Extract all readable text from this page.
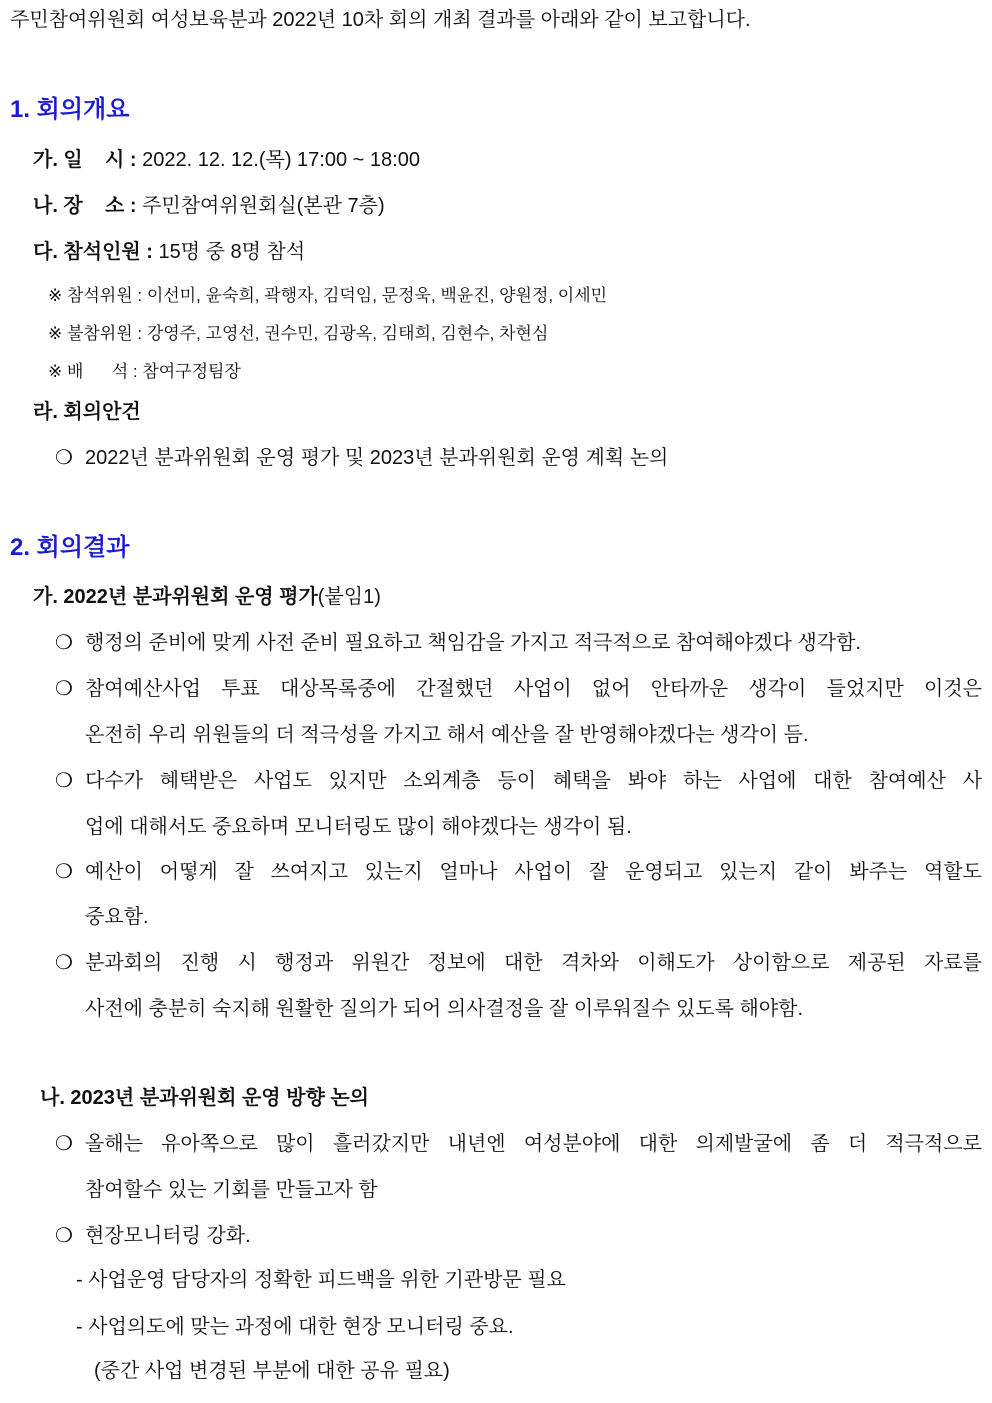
주민참여위원회 여성보육분과 2022년 10차 회의 개최 결과를 아래와 같이 보고합니다.
1. 회의개요
가. 일    시 : 2022. 12. 12.(목) 17:00 ~ 18:00
나. 장    소 : 주민참여위원회실(본관 7층)
다. 참석인원 : 15명 중 8명 참석
※ 참석위원 : 이선미, 윤숙희, 곽행자, 김덕임, 문정욱, 백윤진, 양원정, 이세민
※ 불참위원 : 강영주, 고영선, 권수민, 김광옥, 김태희, 김현수, 차현심
※ 배      석 : 참여구정팀장
라. 회의안건
❍ 2022년 분과위원회 운영 평가 및 2023년 분과위원회 운영 계획 논의
2. 회의결과
가. 2022년 분과위원회 운영 평가(붙임1)
❍ 행정의 준비에 맞게 사전 준비 필요하고 책임감을 가지고 적극적으로 참여해야겠다 생각함.
❍ 참여예산사업 투표 대상목록중에 간절했던 사업이 없어 안타까운 생각이 들었지만 이것은
온전히 우리 위원들의 더 적극성을 가지고 해서 예산을 잘 반영해야겠다는 생각이 듬.
❍ 다수가 혜택받은 사업도 있지만 소외계층 등이 혜택을 봐야 하는 사업에 대한 참여예산 사
업에 대해서도 중요하며 모니터링도 많이 해야겠다는 생각이 됨.
❍ 예산이 어떻게 잘 쓰여지고 있는지 얼마나 사업이 잘 운영되고 있는지 같이 봐주는 역할도
중요함.
❍ 분과회의 진행 시 행정과 위원간 정보에 대한 격차와 이해도가 상이함으로 제공된 자료를
사전에 충분히 숙지해 원활한 질의가 되어 의사결정을 잘 이루워질수 있도록 해야함.
나. 2023년 분과위원회 운영 방향 논의
❍ 올해는 유아쪽으로 많이 흘러갔지만 내년엔 여성분야에 대한 의제발굴에 좀 더 적극적으로
참여할수 있는 기회를 만들고자 함
❍ 현장모니터링 강화.
- 사업운영 담당자의 정확한 피드백을 위한 기관방문 필요
- 사업의도에 맞는 과정에 대한 현장 모니터링 중요.
(중간 사업 변경된 부분에 대한 공유 필요)
